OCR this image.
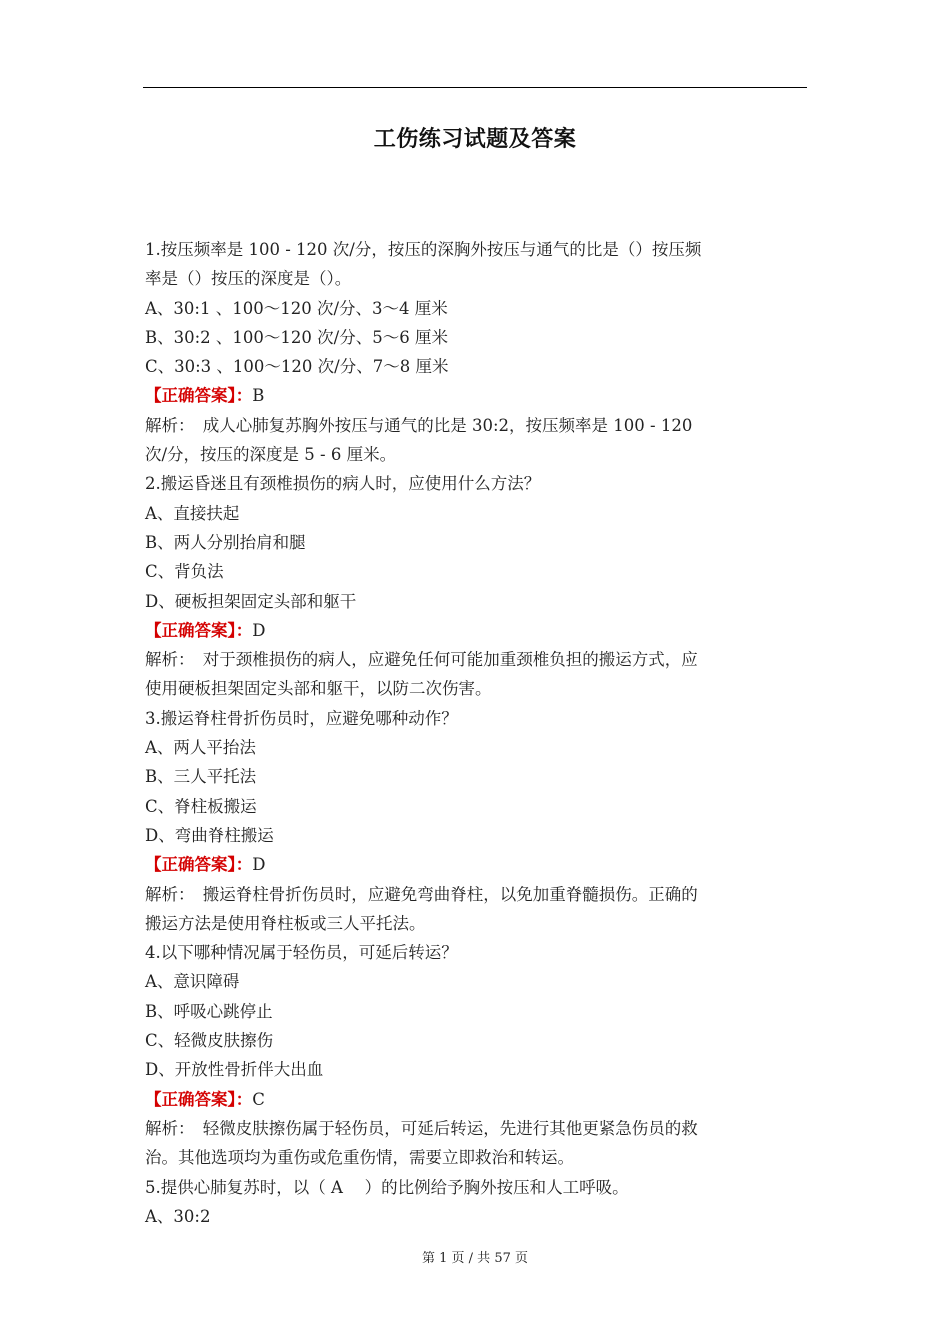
工伤练习试题及答案
1.按压频率是 100 - 120 次/分，按压的深胸外按压与通气的比是（）按压频
率是（）按压的深度是（）。
A、30:1 、100～120 次/分、3～4 厘米
B、30:2 、100～120 次/分、5～6 厘米
C、30:3 、100～120 次/分、7～8 厘米
【正确答案】：B
解析：　成人心肺复苏胸外按压与通气的比是 30:2，按压频率是 100 - 120
次/分，按压的深度是 5 - 6 厘米。
2.搬运昏迷且有颈椎损伤的病人时，应使用什么方法？
A、直接扶起
B、两人分别抬肩和腿
C、背负法
D、硬板担架固定头部和躯干
【正确答案】：D
解析：　对于颈椎损伤的病人，应避免任何可能加重颈椎负担的搬运方式，应
使用硬板担架固定头部和躯干，以防二次伤害。
3.搬运脊柱骨折伤员时，应避免哪种动作？
A、两人平抬法
B、三人平托法
C、脊柱板搬运
D、弯曲脊柱搬运
【正确答案】：D
解析：　搬运脊柱骨折伤员时，应避免弯曲脊柱，以免加重脊髓损伤。正确的
搬运方法是使用脊柱板或三人平托法。
4.以下哪种情况属于轻伤员，可延后转运？
A、意识障碍
B、呼吸心跳停止
C、轻微皮肤擦伤
D、开放性骨折伴大出血
【正确答案】：C
解析：　轻微皮肤擦伤属于轻伤员，可延后转运，先进行其他更紧急伤员的救
治。其他选项均为重伤或危重伤情，需要立即救治和转运。
5.提供心肺复苏时，以（ A　 ）的比例给予胸外按压和人工呼吸。
A、30:2
第 1 页 / 共 57 页
